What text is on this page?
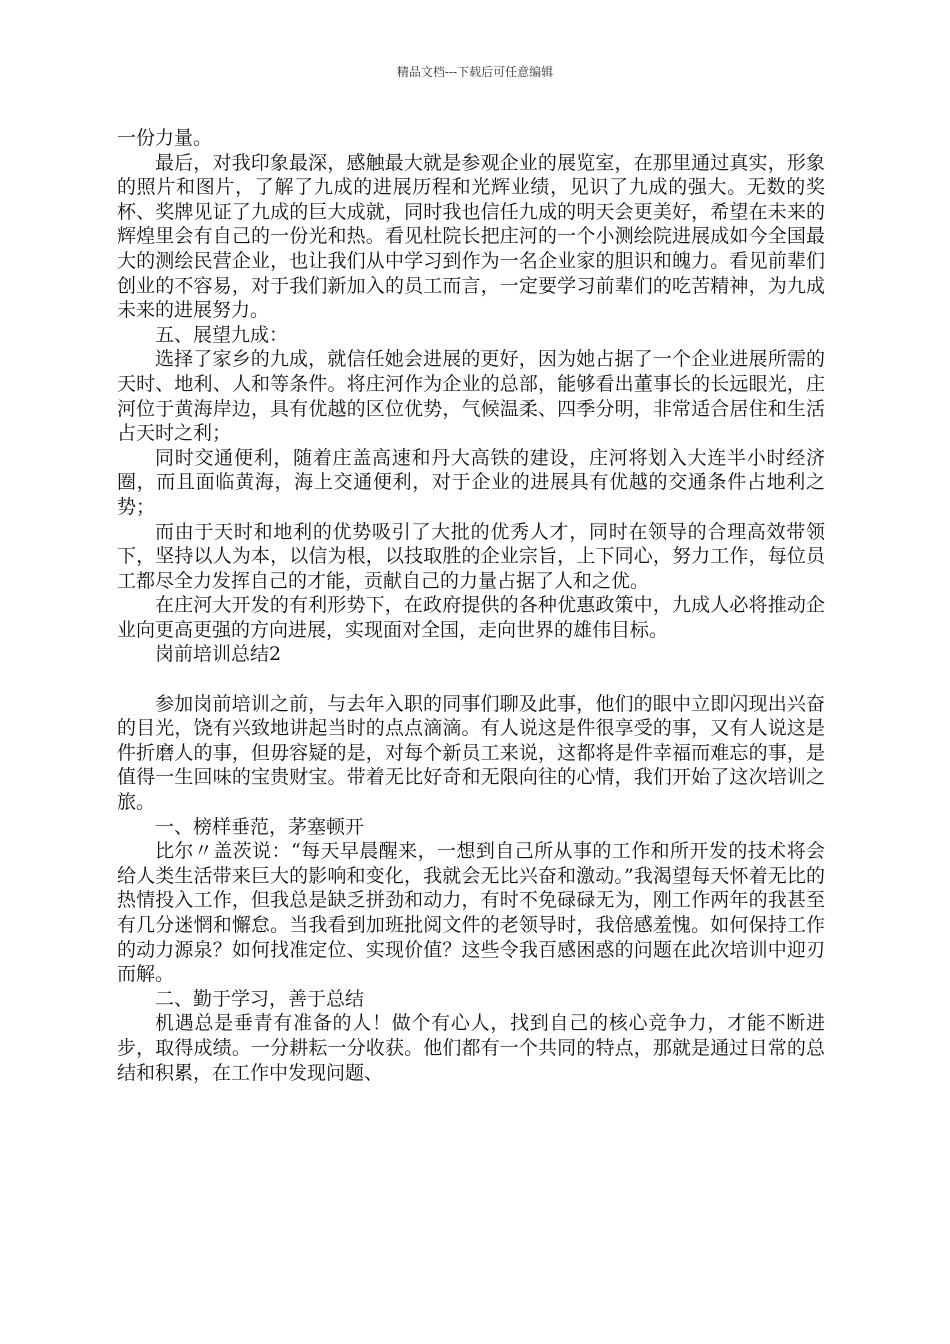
精品文档---下载后可任意编辑

一份力量。

最后，对我印象最深，感触最大就是参观企业的展览室，在那里通过真实，形象的照片和图片，了解了九成的进展历程和光辉业绩，见识了九成的强大。无数的奖杯、奖牌见证了九成的巨大成就，同时我也信任九成的明天会更美好，希望在未来的辉煌里会有自己的一份光和热。看见杜院长把庄河的一个小测绘院进展成如今全国最大的测绘民营企业，也让我们从中学习到作为一名企业家的胆识和魄力。看见前辈们创业的不容易，对于我们新加入的员工而言，一定要学习前辈们的吃苦精神，为九成未来的进展努力。

五、展望九成：

选择了家乡的九成，就信任她会进展的更好，因为她占据了一个企业进展所需的天时、地利、人和等条件。将庄河作为企业的总部，能够看出董事长的长远眼光，庄河位于黄海岸边，具有优越的区位优势，气候温柔、四季分明，非常适合居住和生活占天时之利；

同时交通便利，随着庄盖高速和丹大高铁的建设，庄河将划入大连半小时经济圈，而且面临黄海，海上交通便利，对于企业的进展具有优越的交通条件占地利之势；

而由于天时和地利的优势吸引了大批的优秀人才，同时在领导的合理高效带领下，坚持以人为本，以信为根，以技取胜的企业宗旨，上下同心，努力工作，每位员工都尽全力发挥自己的才能，贡献自己的力量占据了人和之优。

在庄河大开发的有利形势下，在政府提供的各种优惠政策中，九成人必将推动企业向更高更强的方向进展，实现面对全国，走向世界的雄伟目标。

岗前培训总结2

参加岗前培训之前，与去年入职的同事们聊及此事，他们的眼中立即闪现出兴奋的目光，饶有兴致地讲起当时的点点滴滴。有人说这是件很享受的事，又有人说这是件折磨人的事，但毋容疑的是，对每个新员工来说，这都将是件幸福而难忘的事，是值得一生回味的宝贵财宝。带着无比好奇和无限向往的心情，我们开始了这次培训之旅。

一、榜样垂范，茅塞顿开

比尔〃盖茨说：“每天早晨醒来，一想到自己所从事的工作和所开发的技术将会给人类生活带来巨大的影响和变化，我就会无比兴奋和激动。”我渴望每天怀着无比的热情投入工作，但我总是缺乏拼劲和动力，有时不免碌碌无为，刚工作两年的我甚至有几分迷惘和懈怠。当我看到加班批阅文件的老领导时，我倍感羞愧。如何保持工作的动力源泉？如何找准定位、实现价值？这些令我百感困惑的问题在此次培训中迎刃而解。

二、勤于学习，善于总结

机遇总是垂青有准备的人！做个有心人，找到自己的核心竞争力，才能不断进步，取得成绩。一分耕耘一分收获。他们都有一个共同的特点，那就是通过日常的总结和积累，在工作中发现问题、
